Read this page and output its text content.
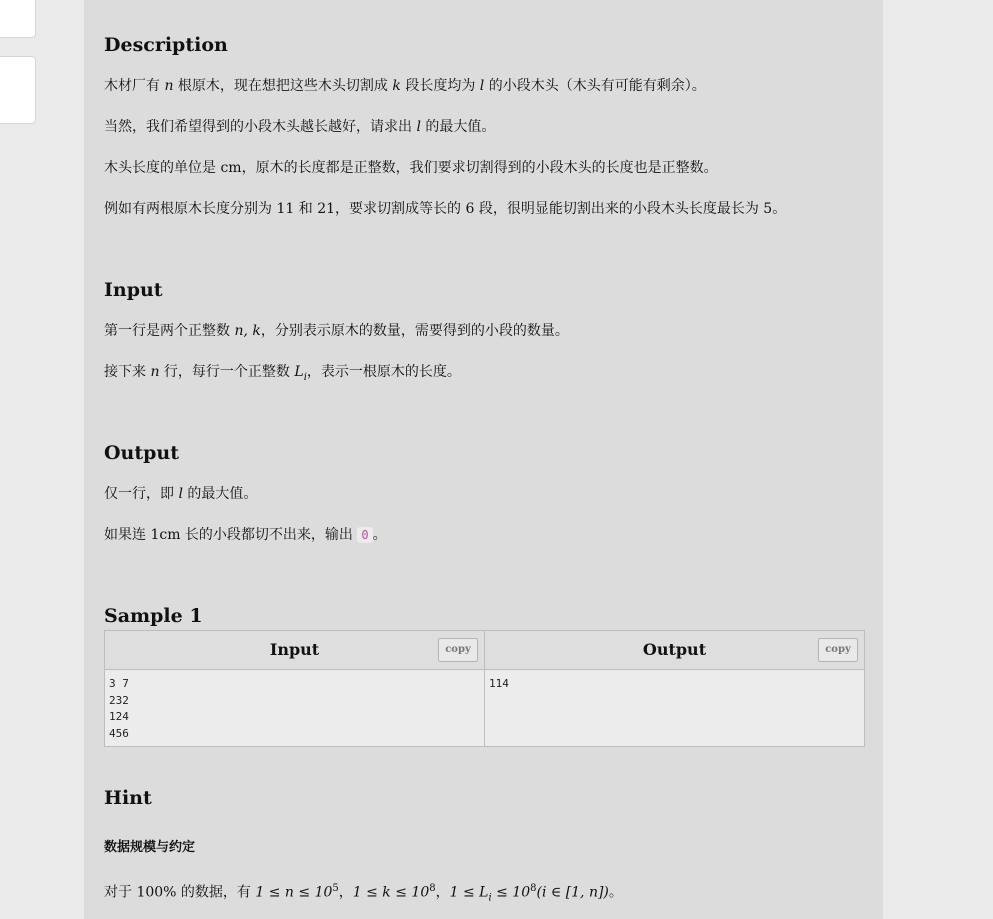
Description

木材厂有 n 根原木，现在想把这些木头切割成 k 段长度均为 l 的小段木头（木头有可能有剩余）。

当然，我们希望得到的小段木头越长越好，请求出 l 的最大值。

木头长度的单位是 cm，原木的长度都是正整数，我们要求切割得到的小段木头的长度也是正整数。

例如有两根原木长度分别为 11 和 21，要求切割成等长的 6 段，很明显能切割出来的小段木头长度最长为 5。

Input

第一行是两个正整数 n, k，分别表示原木的数量，需要得到的小段的数量。

接下来 n 行，每行一个正整数 $L_i$，表示一根原木的长度。

Output

仅一行，即 l 的最大值。

如果连 1cm 长的小段都切不出来，输出 0 。

Sample 1
Input	copy
3 7
232
124
456
Output	copy
114
Hint
数据规模与约定

对于 100% 的数据，有 $1 \le n \le 10^5$，$1 \le k \le 10^8$，$1 \le L_i \le 10^8(i$ ∈ [1, n])。
